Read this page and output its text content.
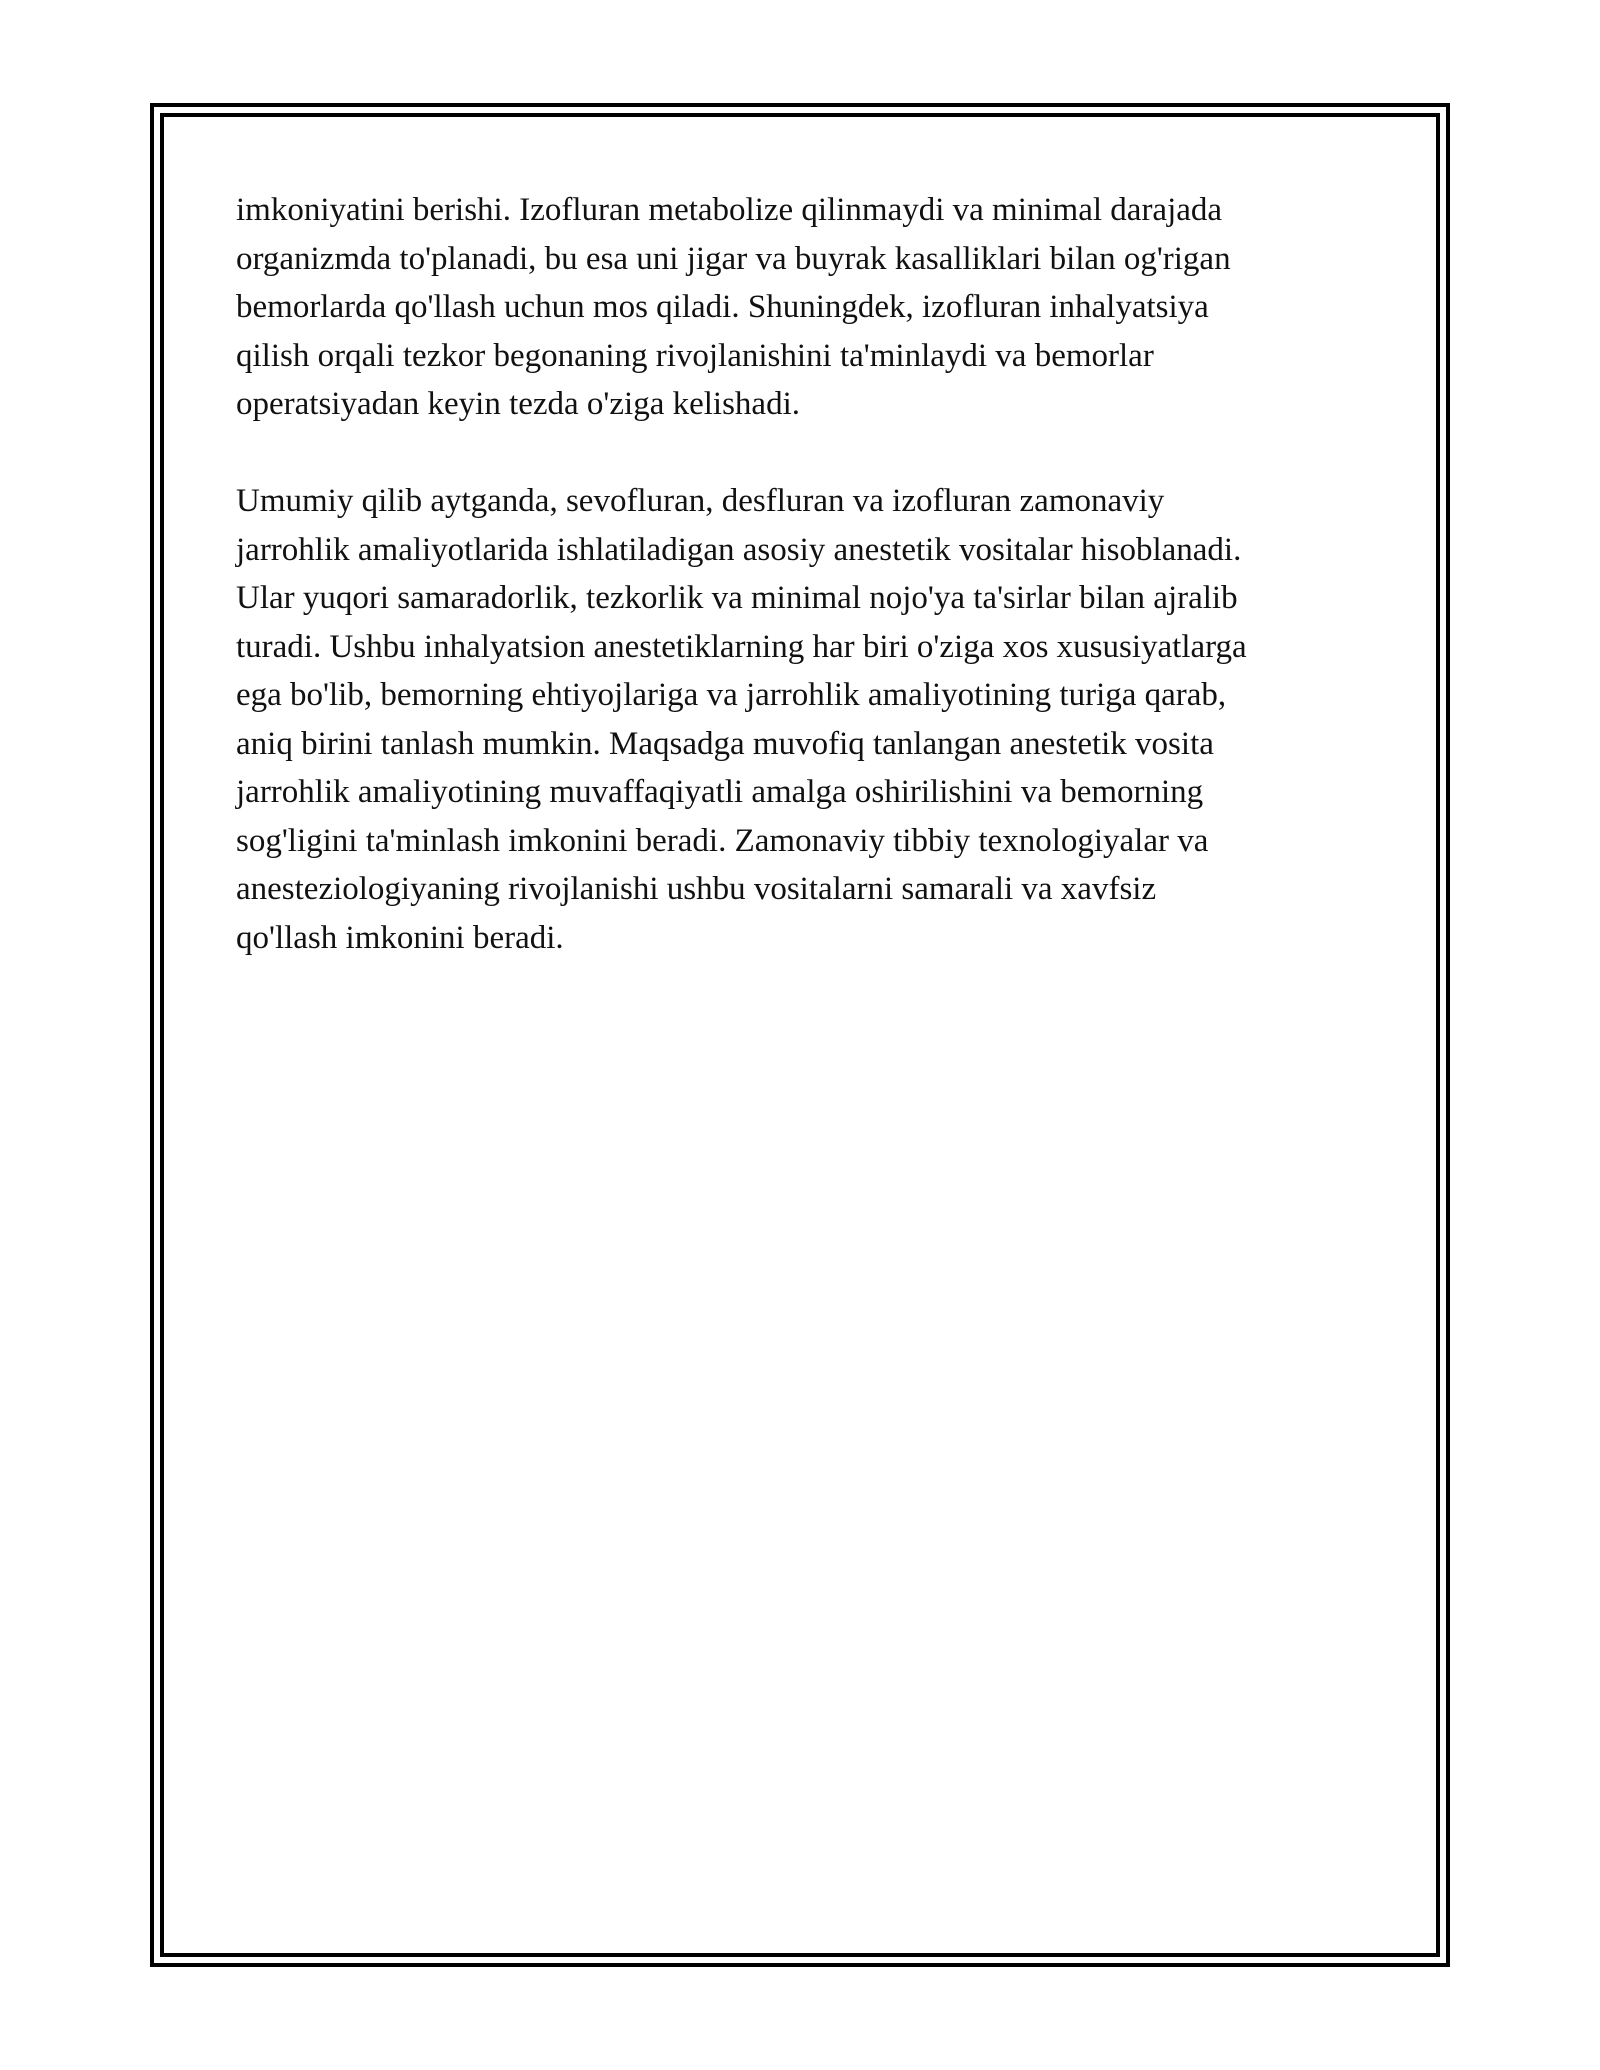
imkoniyatini berishi. Izofluran metabolize qilinmaydi va minimal darajada
organizmda to'planadi, bu esa uni jigar va buyrak kasalliklari bilan og'rigan
bemorlarda qo'llash uchun mos qiladi. Shuningdek, izofluran inhalyatsiya
qilish orqali tezkor begonaning rivojlanishini ta'minlaydi va bemorlar
operatsiyadan keyin tezda o'ziga kelishadi.

Umumiy qilib aytganda, sevofluran, desfluran va izofluran zamonaviy
jarrohlik amaliyotlarida ishlatiladigan asosiy anestetik vositalar hisoblanadi.
Ular yuqori samaradorlik, tezkorlik va minimal nojo'ya ta'sirlar bilan ajralib
turadi. Ushbu inhalyatsion anestetiklarning har biri o'ziga xos xususiyatlarga
ega bo'lib, bemorning ehtiyojlariga va jarrohlik amaliyotining turiga qarab,
aniq birini tanlash mumkin. Maqsadga muvofiq tanlangan anestetik vosita
jarrohlik amaliyotining muvaffaqiyatli amalga oshirilishini va bemorning
sog'ligini ta'minlash imkonini beradi. Zamonaviy tibbiy texnologiyalar va
anesteziologiyaning rivojlanishi ushbu vositalarni samarali va xavfsiz
qo'llash imkonini beradi.
